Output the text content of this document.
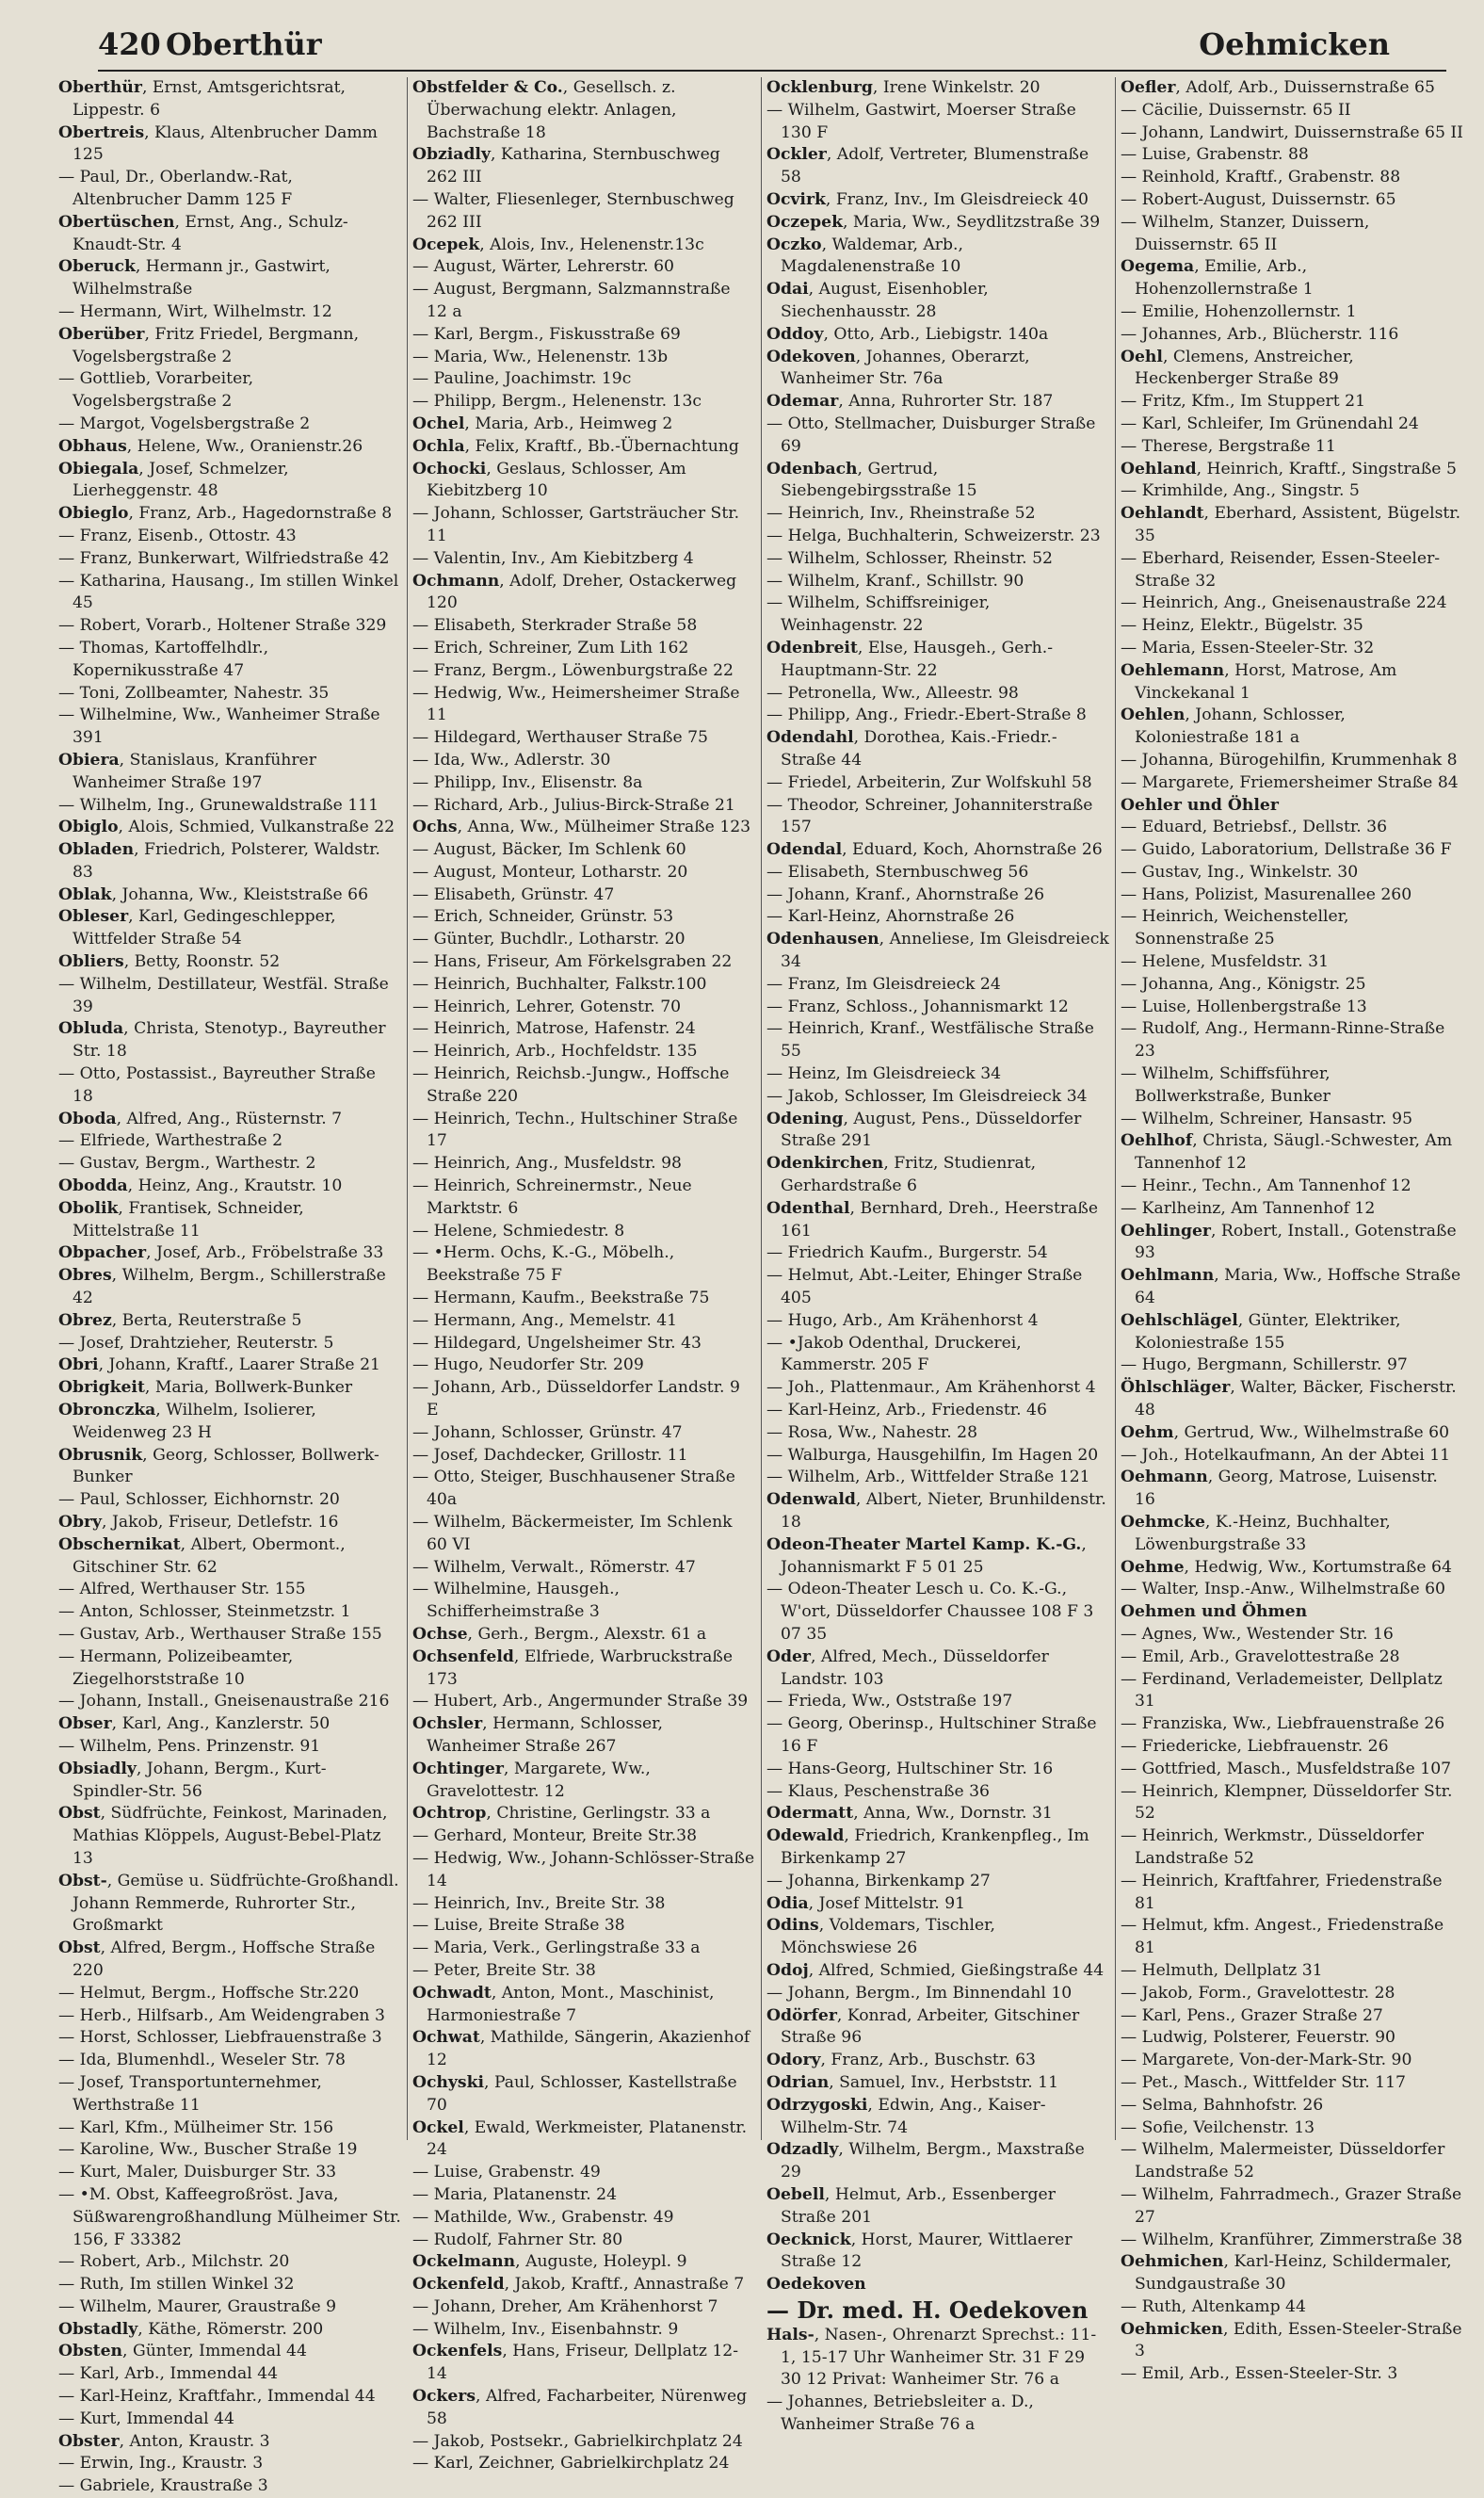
420 Oberthür	Oehmicken

Oberthür, Ernst, Amtsgerichtsrat, Lippestr. 6

Obertreis, Klaus, Altenbrucher Damm 125

— Paul, Dr., Oberlandw.-Rat, Altenbrucher Damm 125 F

Obertüschen, Ernst, Ang., Schulz-Knaudt-Str. 4

Oberuck, Hermann jr., Gastwirt, Wilhelmstraße

— Hermann, Wirt, Wilhelmstr. 12

Oberüber, Fritz Friedel, Bergmann, Vogelsbergstraße 2

— Gottlieb, Vorarbeiter, Vogelsbergstraße 2

— Margot, Vogelsbergstraße 2

Obhaus, Helene, Ww., Oranienstr.26

Obiegala, Josef, Schmelzer, Lierheggenstr. 48

Obieglo, Franz, Arb., Hagedornstraße 8

— Franz, Eisenb., Ottostr. 43

— Franz, Bunkerwart, Wilfriedstraße 42

— Katharina, Hausang., Im stillen Winkel 45

— Robert, Vorarb., Holtener Straße 329

— Thomas, Kartoffelhdlr., Kopernikusstraße 47

— Toni, Zollbeamter, Nahestr. 35

— Wilhelmine, Ww., Wanheimer Straße 391

Obiera, Stanislaus, Kranführer Wanheimer Straße 197

— Wilhelm, Ing., Grunewaldstraße 111

Obiglo, Alois, Schmied, Vulkanstraße 22

Obladen, Friedrich, Polsterer, Waldstr. 83

Oblak, Johanna, Ww., Kleiststraße 66

Obleser, Karl, Gedingeschlepper, Wittfelder Straße 54

Obliers, Betty, Roonstr. 52

— Wilhelm, Destillateur, Westfäl. Straße 39

Obluda, Christa, Stenotyp., Bayreuther Str. 18

— Otto, Postassist., Bayreuther Straße 18

Oboda, Alfred, Ang., Rüsternstr. 7

— Elfriede, Warthestraße 2

— Gustav, Bergm., Warthestr. 2

Obodda, Heinz, Ang., Krautstr. 10

Obolik, Frantisek, Schneider, Mittelstraße 11

Obpacher, Josef, Arb., Fröbelstraße 33

Obres, Wilhelm, Bergm., Schillerstraße 42

Obrez, Berta, Reuterstraße 5

— Josef, Drahtzieher, Reuterstr. 5

Obri, Johann, Kraftf., Laarer Straße 21

Obrigkeit, Maria, Bollwerk-Bunker

Obronczka, Wilhelm, Isolierer, Weidenweg 23 H

Obrusnik, Georg, Schlosser, Bollwerk-Bunker

— Paul, Schlosser, Eichhornstr. 20

Obry, Jakob, Friseur, Detlefstr. 16

Obschernikat, Albert, Obermont., Gitschiner Str. 62

— Alfred, Werthauser Str. 155

— Anton, Schlosser, Steinmetzstr. 1

— Gustav, Arb., Werthauser Straße 155

— Hermann, Polizeibeamter, Ziegelhorststraße 10

— Johann, Install., Gneisenaustraße 216

Obser, Karl, Ang., Kanzlerstr. 50

— Wilhelm, Pens. Prinzenstr. 91

Obsiadly, Johann, Bergm., Kurt-Spindler-Str. 56

Obst, Südfrüchte, Feinkost, Marinaden, Mathias Klöppels, August-Bebel-Platz 13

Obst-, Gemüse u. Südfrüchte-Großhandl. Johann Remmerde, Ruhrorter Str., Großmarkt

Obst, Alfred, Bergm., Hoffsche Straße 220

— Helmut, Bergm., Hoffsche Str.220

— Herb., Hilfsarb., Am Weidengraben 3

— Horst, Schlosser, Liebfrauenstraße 3

— Ida, Blumenhdl., Weseler Str. 78

— Josef, Transportunternehmer, Werthstraße 11

— Karl, Kfm., Mülheimer Str. 156

— Karoline, Ww., Buscher Straße 19

— Kurt, Maler, Duisburger Str. 33

— •M. Obst, Kaffeegroßröst. Java, Süßwarengroßhandlung Mülheimer Str. 156, F 33382

— Robert, Arb., Milchstr. 20

— Ruth, Im stillen Winkel 32

— Wilhelm, Maurer, Graustraße 9

Obstadly, Käthe, Römerstr. 200

Obsten, Günter, Immendal 44

— Karl, Arb., Immendal 44

— Karl-Heinz, Kraftfahr., Immendal 44

— Kurt, Immendal 44

Obster, Anton, Kraustr. 3

— Erwin, Ing., Kraustr. 3

— Gabriele, Kraustraße 3

Obstfelder & Co., Gesellsch. z. Überwachung elektr. Anlagen, Bachstraße 18

Obziadly, Katharina, Sternbuschweg 262 III

— Walter, Fliesenleger, Sternbuschweg 262 III

Ocepek, Alois, Inv., Helenenstr.13c

— August, Wärter, Lehrerstr. 60

— August, Bergmann, Salzmannstraße 12 a

— Karl, Bergm., Fiskusstraße 69

— Maria, Ww., Helenenstr. 13b

— Pauline, Joachimstr. 19c

— Philipp, Bergm., Helenenstr. 13c

Ochel, Maria, Arb., Heimweg 2

Ochla, Felix, Kraftf., Bb.-Übernachtung

Ochocki, Geslaus, Schlosser, Am Kiebitzberg 10

— Johann, Schlosser, Gartsträucher Str. 11

— Valentin, Inv., Am Kiebitzberg 4

Ochmann, Adolf, Dreher, Ostackerweg 120

— Elisabeth, Sterkrader Straße 58

— Erich, Schreiner, Zum Lith 162

— Franz, Bergm., Löwenburgstraße 22

— Hedwig, Ww., Heimersheimer Straße 11

— Hildegard, Werthauser Straße 75

— Ida, Ww., Adlerstr. 30

— Philipp, Inv., Elisenstr. 8a

— Richard, Arb., Julius-Birck-Straße 21

Ochs, Anna, Ww., Mülheimer Straße 123

— August, Bäcker, Im Schlenk 60

— August, Monteur, Lotharstr. 20

— Elisabeth, Grünstr. 47

— Erich, Schneider, Grünstr. 53

— Günter, Buchdlr., Lotharstr. 20

— Hans, Friseur, Am Förkelsgraben 22

— Heinrich, Buchhalter, Falkstr.100

— Heinrich, Lehrer, Gotenstr. 70

— Heinrich, Matrose, Hafenstr. 24

— Heinrich, Arb., Hochfeldstr. 135

— Heinrich, Reichsb.-Jungw., Hoffsche Straße 220

— Heinrich, Techn., Hultschiner Straße 17

— Heinrich, Ang., Musfeldstr. 98

— Heinrich, Schreinermstr., Neue Marktstr. 6

— Helene, Schmiedestr. 8

— •Herm. Ochs, K.-G., Möbelh., Beekstraße 75 F

— Hermann, Kaufm., Beekstraße 75

— Hermann, Ang., Memelstr. 41

— Hildegard, Ungelsheimer Str. 43

— Hugo, Neudorfer Str. 209

— Johann, Arb., Düsseldorfer Landstr. 9 E

— Johann, Schlosser, Grünstr. 47

— Josef, Dachdecker, Grillostr. 11

— Otto, Steiger, Buschhausener Straße 40a

— Wilhelm, Bäckermeister, Im Schlenk 60 VI

— Wilhelm, Verwalt., Römerstr. 47

— Wilhelmine, Hausgeh., Schifferheimstraße 3

Ochse, Gerh., Bergm., Alexstr. 61 a

Ochsenfeld, Elfriede, Warbruckstraße 173

— Hubert, Arb., Angermunder Straße 39

Ochsler, Hermann, Schlosser, Wanheimer Straße 267

Ochtinger, Margarete, Ww., Gravelottestr. 12

Ochtrop, Christine, Gerlingstr. 33 a

— Gerhard, Monteur, Breite Str.38

— Hedwig, Ww., Johann-Schlösser-Straße 14

— Heinrich, Inv., Breite Str. 38

— Luise, Breite Straße 38

— Maria, Verk., Gerlingstraße 33 a

— Peter, Breite Str. 38

Ochwadt, Anton, Mont., Maschinist, Harmoniestraße 7

Ochwat, Mathilde, Sängerin, Akazienhof 12

Ochyski, Paul, Schlosser, Kastellstraße 70

Ockel, Ewald, Werkmeister, Platanenstr. 24

— Luise, Grabenstr. 49

— Maria, Platanenstr. 24

— Mathilde, Ww., Grabenstr. 49

— Rudolf, Fahrner Str. 80

Ockelmann, Auguste, Holeypl. 9

Ockenfeld, Jakob, Kraftf., Annastraße 7

— Johann, Dreher, Am Krähenhorst 7

— Wilhelm, Inv., Eisenbahnstr. 9

Ockenfels, Hans, Friseur, Dellplatz 12-14

Ockers, Alfred, Facharbeiter, Nürenweg 58

— Jakob, Postsekr., Gabrielkirchplatz 24

— Karl, Zeichner, Gabrielkirchplatz 24

Ocklenburg, Irene Winkelstr. 20

— Wilhelm, Gastwirt, Moerser Straße 130 F

Ockler, Adolf, Vertreter, Blumenstraße 58

Ocvirk, Franz, Inv., Im Gleisdreieck 40

Oczepek, Maria, Ww., Seydlitzstraße 39

Oczko, Waldemar, Arb., Magdalenenstraße 10

Odai, August, Eisenhobler, Siechenhausstr. 28

Oddoy, Otto, Arb., Liebigstr. 140a

Odekoven, Johannes, Oberarzt, Wanheimer Str. 76a

Odemar, Anna, Ruhrorter Str. 187

— Otto, Stellmacher, Duisburger Straße 69

Odenbach, Gertrud, Siebengebirgsstraße 15

— Heinrich, Inv., Rheinstraße 52

— Helga, Buchhalterin, Schweizerstr. 23

— Wilhelm, Schlosser, Rheinstr. 52

— Wilhelm, Kranf., Schillstr. 90

— Wilhelm, Schiffsreiniger, Weinhagenstr. 22

Odenbreit, Else, Hausgeh., Gerh.-Hauptmann-Str. 22

— Petronella, Ww., Alleestr. 98

— Philipp, Ang., Friedr.-Ebert-Straße 8

Odendahl, Dorothea, Kais.-Friedr.-Straße 44

— Friedel, Arbeiterin, Zur Wolfskuhl 58

— Theodor, Schreiner, Johanniterstraße 157

Odendal, Eduard, Koch, Ahornstraße 26

— Elisabeth, Sternbuschweg 56

— Johann, Kranf., Ahornstraße 26

— Karl-Heinz, Ahornstraße 26

Odenhausen, Anneliese, Im Gleisdreieck 34

— Franz, Im Gleisdreieck 24

— Franz, Schloss., Johannismarkt 12

— Heinrich, Kranf., Westfälische Straße 55

— Heinz, Im Gleisdreieck 34

— Jakob, Schlosser, Im Gleisdreieck 34

Odening, August, Pens., Düsseldorfer Straße 291

Odenkirchen, Fritz, Studienrat, Gerhardstraße 6

Odenthal, Bernhard, Dreh., Heerstraße 161

— Friedrich Kaufm., Burgerstr. 54

— Helmut, Abt.-Leiter, Ehinger Straße 405

— Hugo, Arb., Am Krähenhorst 4

— •Jakob Odenthal, Druckerei, Kammerstr. 205 F

— Joh., Plattenmaur., Am Krähenhorst 4

— Karl-Heinz, Arb., Friedenstr. 46

— Rosa, Ww., Nahestr. 28

— Walburga, Hausgehilfin, Im Hagen 20

— Wilhelm, Arb., Wittfelder Straße 121

Odenwald, Albert, Nieter, Brunhildenstr. 18

Odeon-Theater Martel Kamp. K.-G., Johannismarkt F 5 01 25

— Odeon-Theater Lesch u. Co. K.-G., W'ort, Düsseldorfer Chaussee 108 F 3 07 35

Oder, Alfred, Mech., Düsseldorfer Landstr. 103

— Frieda, Ww., Oststraße 197

— Georg, Oberinsp., Hultschiner Straße 16 F

— Hans-Georg, Hultschiner Str. 16

— Klaus, Peschenstraße 36

Odermatt, Anna, Ww., Dornstr. 31

Odewald, Friedrich, Krankenpfleg., Im Birkenkamp 27

— Johanna, Birkenkamp 27

Odia, Josef Mittelstr. 91

Odins, Voldemars, Tischler, Mönchswiese 26

Odoj, Alfred, Schmied, Gießingstraße 44

— Johann, Bergm., Im Binnendahl 10

Odörfer, Konrad, Arbeiter, Gitschiner Straße 96

Odory, Franz, Arb., Buschstr. 63

Odrian, Samuel, Inv., Herbststr. 11

Odrzygoski, Edwin, Ang., Kaiser-Wilhelm-Str. 74

Odzadly, Wilhelm, Bergm., Maxstraße 29

Oebell, Helmut, Arb., Essenberger Straße 201

Oecknick, Horst, Maurer, Wittlaerer Straße 12

Oedekoven

— Dr. med. H. Oedekoven

Hals-, Nasen-, Ohrenarzt Sprechst.: 11-1, 15-17 Uhr Wanheimer Str. 31 F 29 30 12 Privat: Wanheimer Str. 76 a

— Johannes, Betriebsleiter a. D., Wanheimer Straße 76 a

Oefler, Adolf, Arb., Duissernstraße 65

— Cäcilie, Duissernstr. 65 II

— Johann, Landwirt, Duissernstraße 65 II

— Luise, Grabenstr. 88

— Reinhold, Kraftf., Grabenstr. 88

— Robert-August, Duissernstr. 65

— Wilhelm, Stanzer, Duissern, Duissernstr. 65 II

Oegema, Emilie, Arb., Hohenzollernstraße 1

— Emilie, Hohenzollernstr. 1

— Johannes, Arb., Blücherstr. 116

Oehl, Clemens, Anstreicher, Heckenberger Straße 89

— Fritz, Kfm., Im Stuppert 21

— Karl, Schleifer, Im Grünendahl 24

— Therese, Bergstraße 11

Oehland, Heinrich, Kraftf., Singstraße 5

— Krimhilde, Ang., Singstr. 5

Oehlandt, Eberhard, Assistent, Bügelstr. 35

— Eberhard, Reisender, Essen-Steeler-Straße 32

— Heinrich, Ang., Gneisenaustraße 224

— Heinz, Elektr., Bügelstr. 35

— Maria, Essen-Steeler-Str. 32

Oehlemann, Horst, Matrose, Am Vinckekanal 1

Oehlen, Johann, Schlosser, Koloniestraße 181 a

— Johanna, Bürogehilfin, Krummenhak 8

— Margarete, Friemersheimer Straße 84

Oehler und Öhler

— Eduard, Betriebsf., Dellstr. 36

— Guido, Laboratorium, Dellstraße 36 F

— Gustav, Ing., Winkelstr. 30

— Hans, Polizist, Masurenallee 260

— Heinrich, Weichensteller, Sonnenstraße 25

— Helene, Musfeldstr. 31

— Johanna, Ang., Königstr. 25

— Luise, Hollenbergstraße 13

— Rudolf, Ang., Hermann-Rinne-Straße 23

— Wilhelm, Schiffsführer, Bollwerkstraße, Bunker

— Wilhelm, Schreiner, Hansastr. 95

Oehlhof, Christa, Säugl.-Schwester, Am Tannenhof 12

— Heinr., Techn., Am Tannenhof 12

— Karlheinz, Am Tannenhof 12

Oehlinger, Robert, Install., Gotenstraße 93

Oehlmann, Maria, Ww., Hoffsche Straße 64

Oehlschlägel, Günter, Elektriker, Koloniestraße 155

— Hugo, Bergmann, Schillerstr. 97

Öhlschläger, Walter, Bäcker, Fischerstr. 48

Oehm, Gertrud, Ww., Wilhelmstraße 60

— Joh., Hotelkaufmann, An der Abtei 11

Oehmann, Georg, Matrose, Luisenstr. 16

Oehmcke, K.-Heinz, Buchhalter, Löwenburgstraße 33

Oehme, Hedwig, Ww., Kortumstraße 64

— Walter, Insp.-Anw., Wilhelmstraße 60

Oehmen und Öhmen

— Agnes, Ww., Westender Str. 16

— Emil, Arb., Gravelottestraße 28

— Ferdinand, Verlademeister, Dellplatz 31

— Franziska, Ww., Liebfrauenstraße 26

— Friedericke, Liebfrauenstr. 26

— Gottfried, Masch., Musfeldstraße 107

— Heinrich, Klempner, Düsseldorfer Str. 52

— Heinrich, Werkmstr., Düsseldorfer Landstraße 52

— Heinrich, Kraftfahrer, Friedenstraße 81

— Helmut, kfm. Angest., Friedenstraße 81

— Helmuth, Dellplatz 31

— Jakob, Form., Gravelottestr. 28

— Karl, Pens., Grazer Straße 27

— Ludwig, Polsterer, Feuerstr. 90

— Margarete, Von-der-Mark-Str. 90

— Pet., Masch., Wittfelder Str. 117

— Selma, Bahnhofstr. 26

— Sofie, Veilchenstr. 13

— Wilhelm, Malermeister, Düsseldorfer Landstraße 52

— Wilhelm, Fahrradmech., Grazer Straße 27

— Wilhelm, Kranführer, Zimmerstraße 38

Oehmichen, Karl-Heinz, Schildermaler, Sundgaustraße 30

— Ruth, Altenkamp 44

Oehmicken, Edith, Essen-Steeler-Straße 3

— Emil, Arb., Essen-Steeler-Str. 3
